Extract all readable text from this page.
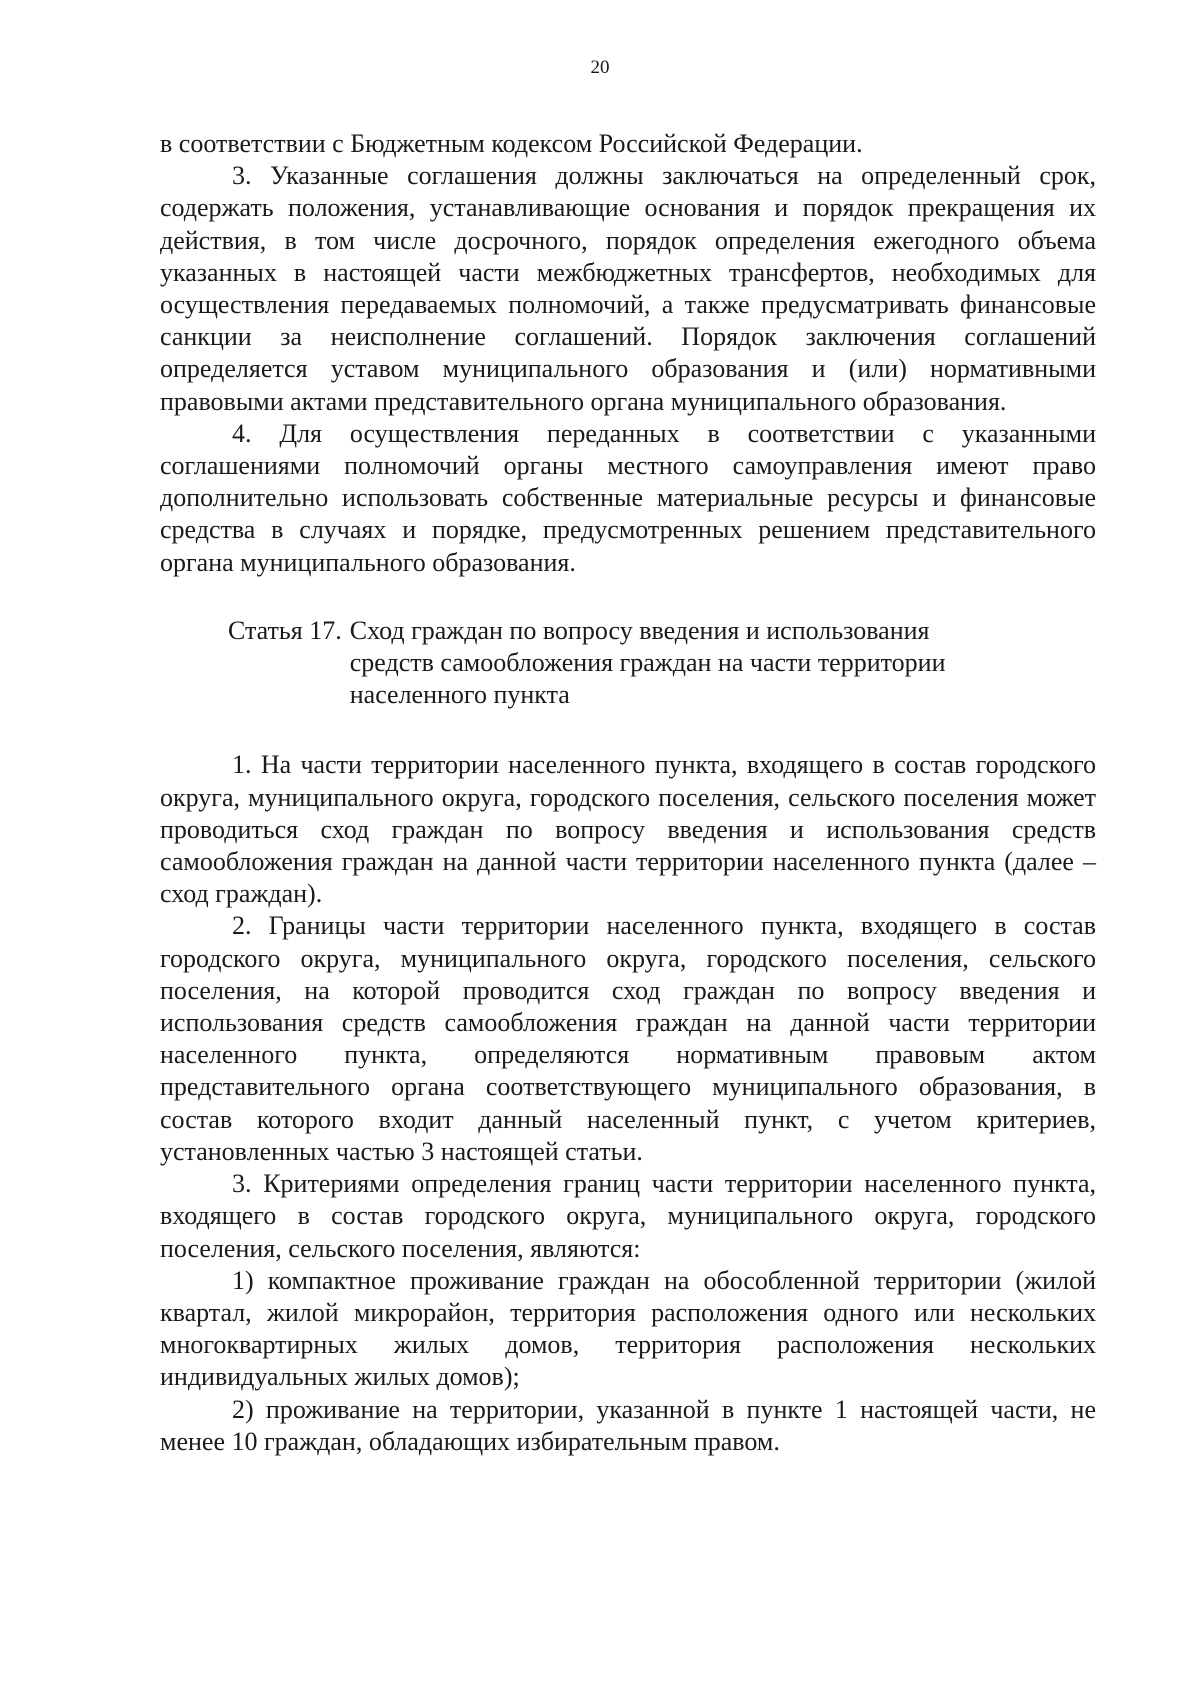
20

в соответствии с Бюджетным кодексом Российской Федерации.

3. Указанные соглашения должны заключаться на определенный срок, содержать положения, устанавливающие основания и порядок прекращения их действия, в том числе досрочного, порядок определения ежегодного объема указанных в настоящей части межбюджетных трансфертов, необходимых для осуществления передаваемых полномочий, а также предусматривать финансовые санкции за неисполнение соглашений. Порядок заключения соглашений определяется уставом муниципального образования и (или) нормативными правовыми актами представительного органа муниципального образования.

4. Для осуществления переданных в соответствии с указанными соглашениями полномочий органы местного самоуправления имеют право дополнительно использовать собственные материальные ресурсы и финансовые средства в случаях и порядке, предусмотренных решением представительного органа муниципального образования.

Статья 17. Сход граждан по вопросу введения и использования средств самообложения граждан на части территории населенного пункта

1. На части территории населенного пункта, входящего в состав городского округа, муниципального округа, городского поселения, сельского поселения может проводиться сход граждан по вопросу введения и использования средств самообложения граждан на данной части территории населенного пункта (далее – сход граждан).

2. Границы части территории населенного пункта, входящего в состав городского округа, муниципального округа, городского поселения, сельского поселения, на которой проводится сход граждан по вопросу введения и использования средств самообложения граждан на данной части территории населенного пункта, определяются нормативным правовым актом представительного органа соответствующего муниципального образования, в состав которого входит данный населенный пункт, с учетом критериев, установленных частью 3 настоящей статьи.

3. Критериями определения границ части территории населенного пункта, входящего в состав городского округа, муниципального округа, городского поселения, сельского поселения, являются:

1) компактное проживание граждан на обособленной территории (жилой квартал, жилой микрорайон, территория расположения одного или нескольких многоквартирных жилых домов, территория расположения нескольких индивидуальных жилых домов);

2) проживание на территории, указанной в пункте 1 настоящей части, не менее 10 граждан, обладающих избирательным правом.
